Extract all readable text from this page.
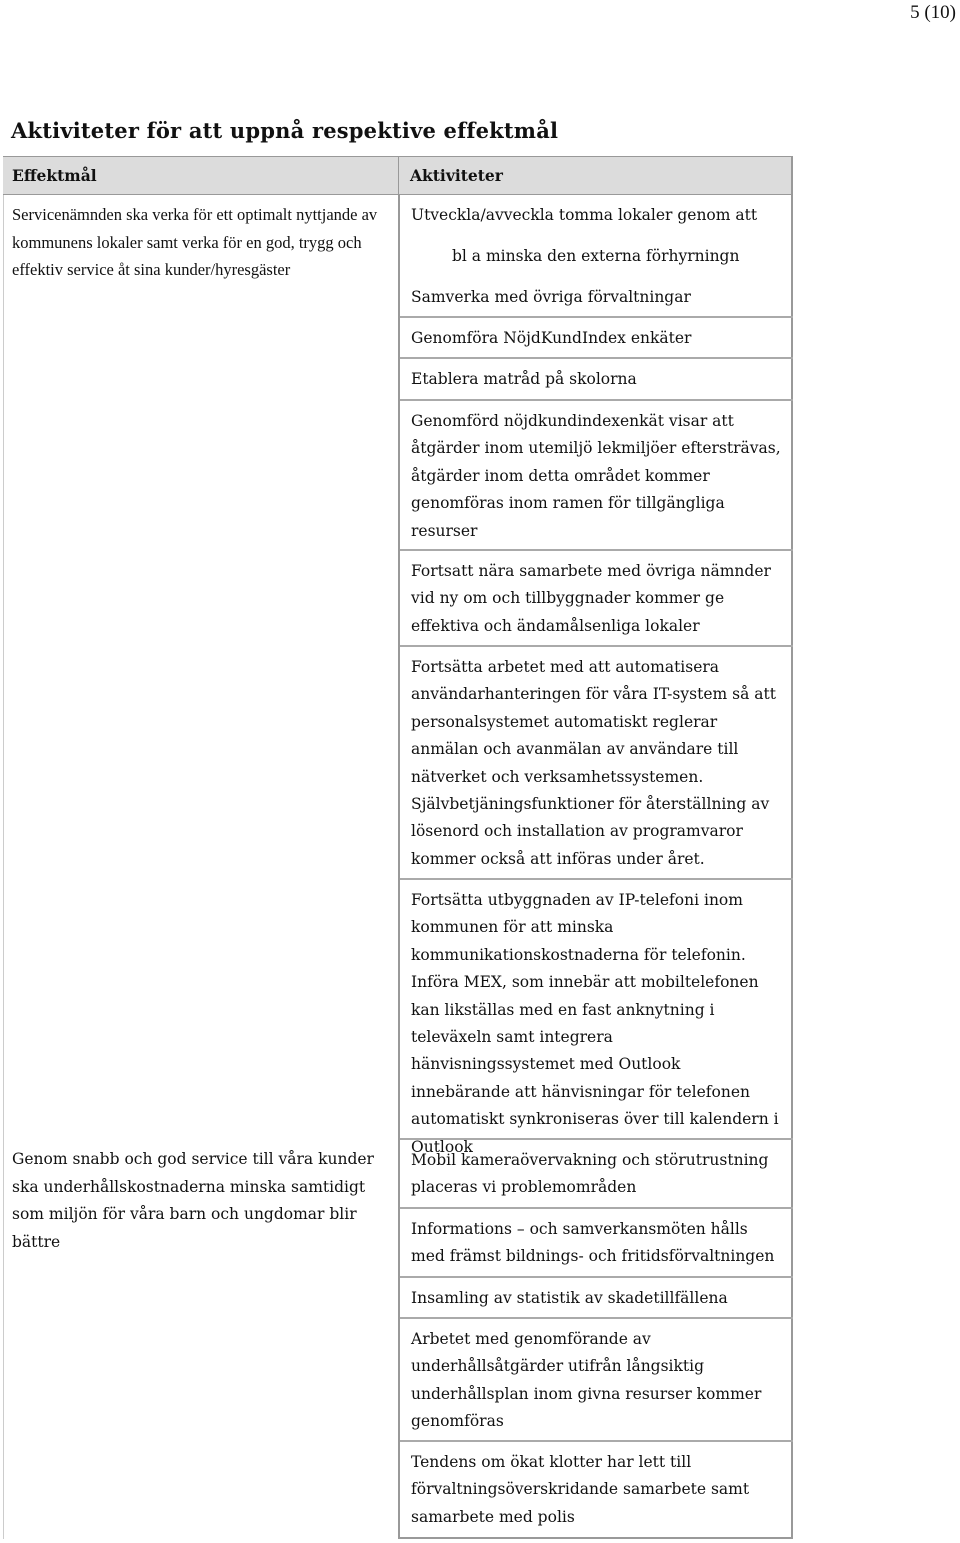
5 (10)
Aktiviteter för att uppnå respektive effektmål
Effektmål	Aktiviteter
Servicenämnden ska verka för ett optimalt nyttjande av kommunens lokaler samt verka för en god, trygg och effektiv service åt sina kunder/hyresgäster
Genom snabb och god service till våra kunder ska underhållskostnaderna minska samtidigt som miljön för våra barn och ungdomar blir bättre
Utveckla/avveckla tomma lokaler genom att
bl a minska den externa förhyrningn
Samverka med övriga förvaltningar
Genomföra NöjdKundIndex enkäter
Etablera matråd på skolorna
Genomförd nöjdkundindexenkät visar att åtgärder inom utemiljö lekmiljöer eftersträvas, åtgärder inom detta området kommer genomföras inom ramen för tillgängliga resurser
Fortsatt nära samarbete med övriga nämnder vid ny om och tillbyggnader kommer ge effektiva och ändamålsenliga lokaler
Fortsätta arbetet med att automatisera användarhanteringen för våra IT-system så att personalsystemet automatiskt reglerar anmälan och avanmälan av användare till nätverket och verksamhetssystemen. Självbetjäningsfunktioner för återställning av lösenord och installation av programvaror kommer också att införas under året.
Fortsätta utbyggnaden av IP-telefoni inom kommunen för att minska kommunikationskostnaderna för telefonin. Införa MEX, som innebär att mobiltelefonen kan likställas med en fast anknytning i televäxeln samt integrera hänvisningssystemet med Outlook innebärande att hänvisningar för telefonen automatiskt synkroniseras över till kalendern i Outlook
Mobil kameraövervakning och störutrustning placeras vi problemområden
Informations – och samverkansmöten hålls med främst bildnings- och fritidsförvaltningen
Insamling av statistik av skadetillfällena
Arbetet med genomförande av underhållsåtgärder utifrån långsiktig underhållsplan inom givna resurser kommer genomföras
Tendens om ökat klotter har lett till förvaltningsöverskridande samarbete samt samarbete med polis
